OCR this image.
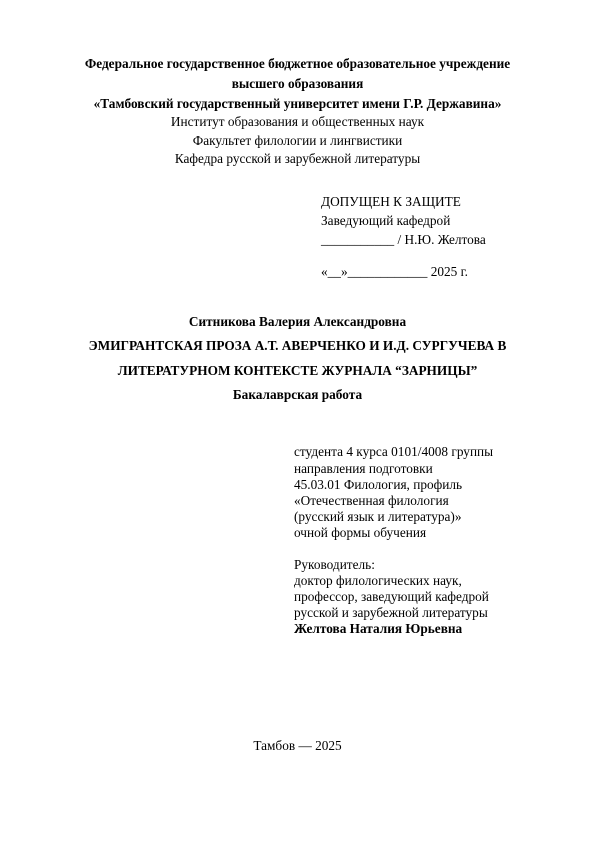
Федеральное государственное бюджетное образовательное учреждение
высшего образования
«Тамбовский государственный университет имени Г.Р. Державина»
Институт образования и общественных наук
Факультет филологии и лингвистики
Кафедра русской и зарубежной литературы
ДОПУЩЕН К ЗАЩИТЕ
Заведующий кафедрой
___________ / Н.Ю. Желтова
«__»____________ 2025 г.
Ситникова Валерия Александровна
ЭМИГРАНТСКАЯ ПРОЗА А.Т. АВЕРЧЕНКО И И.Д. СУРГУЧЕВА В
ЛИТЕРАТУРНОМ КОНТЕКСТЕ ЖУРНАЛА “ЗАРНИЦЫ”
Бакалаврская работа
студента 4 курса 0101/4008 группы
направления подготовки
45.03.01 Филология, профиль
«Отечественная филология
(русский язык и литература)»
очной формы обучения
Руководитель:
доктор филологических наук,
профессор, заведующий кафедрой
русской и зарубежной литературы
Желтова Наталия Юрьевна
Тамбов — 2025
